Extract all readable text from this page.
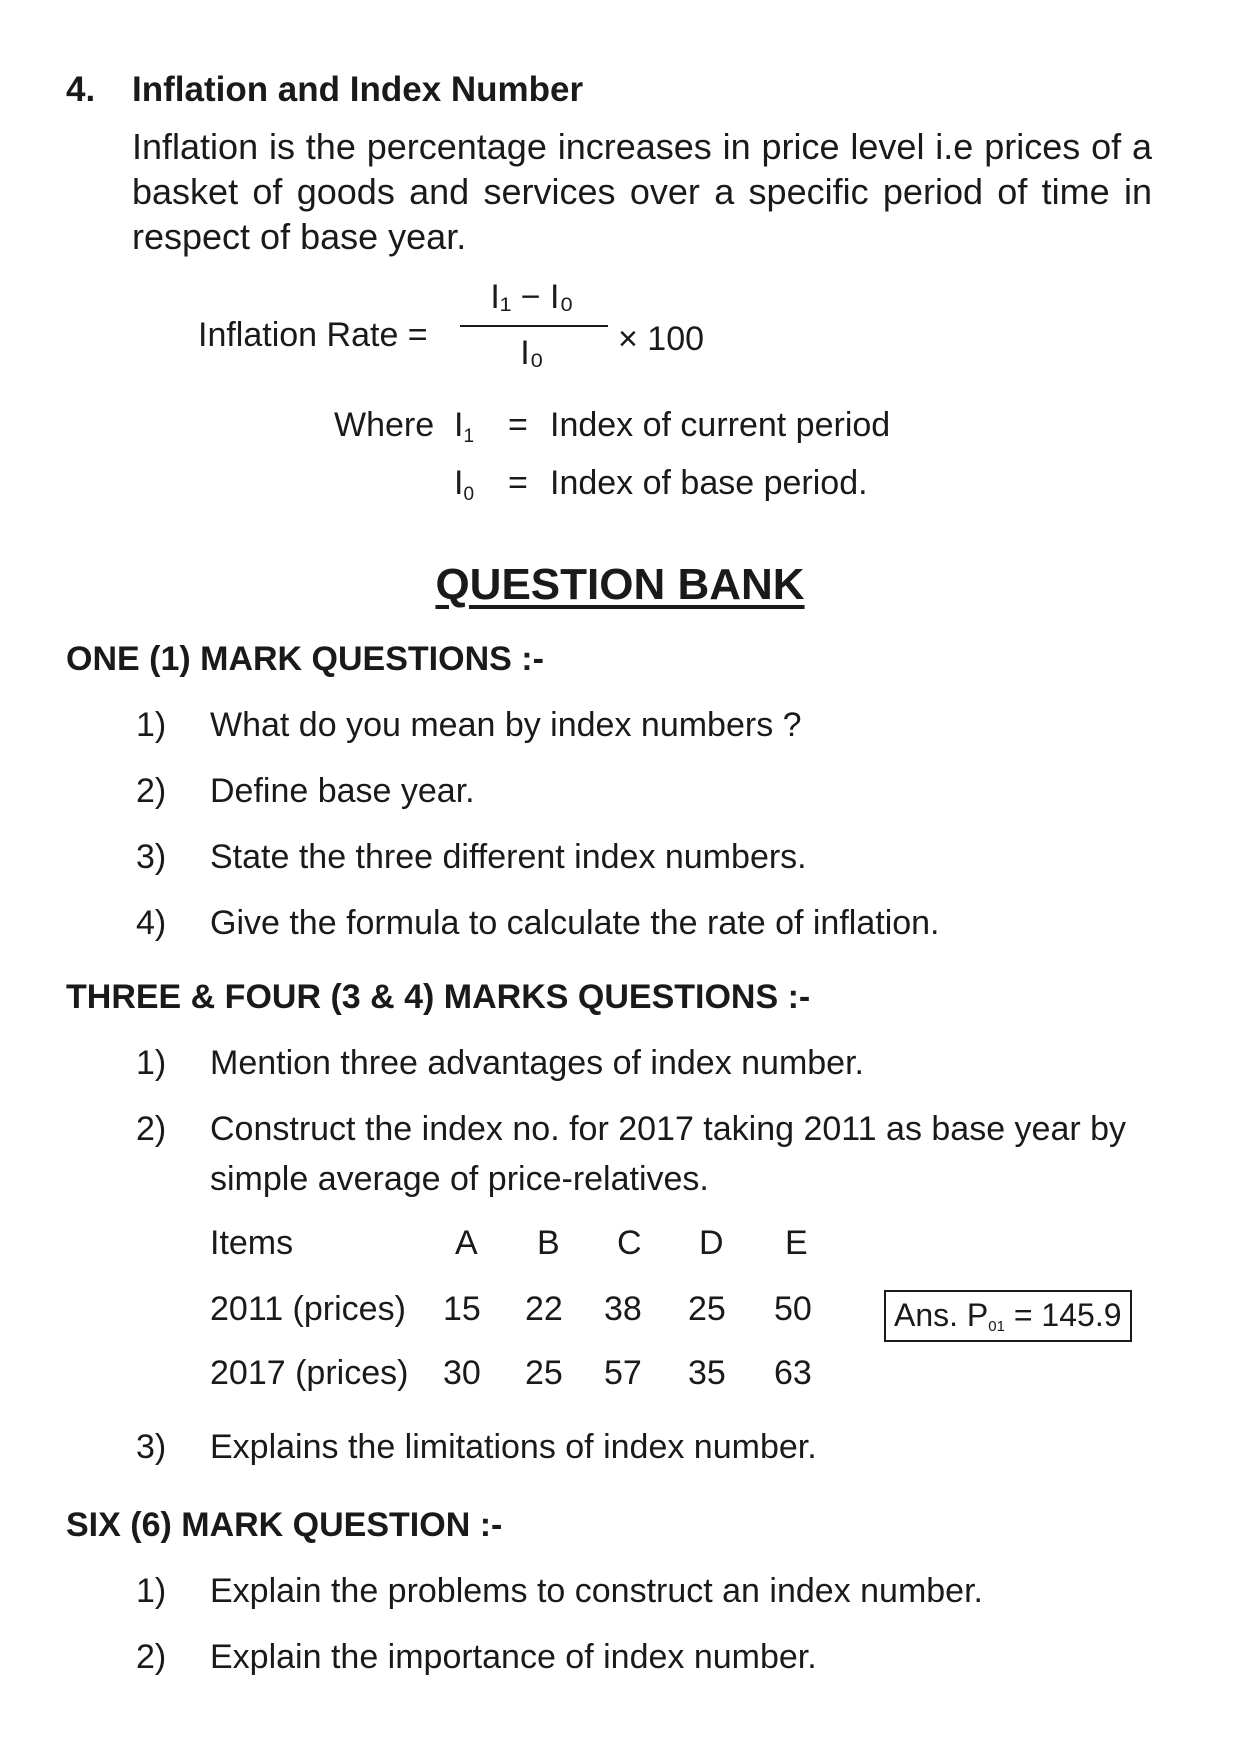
4. Inflation and Index Number
Inflation is the percentage increases in price level i.e prices of a basket of goods and services over a specific period of time in respect of base year.
Inflation Rate =
I₁ − I₀
I₀	× 100
Where $I_1$ = Index of current period
$I_0$ = Index of base period.
QUESTION BANK
ONE (1) MARK QUESTIONS :-
1) What do you mean by index numbers ?
2) Define base year.
3) State the three different index numbers.
4) Give the formula to calculate the rate of inflation.
THREE & FOUR (3 & 4) MARKS QUESTIONS :-
1) Mention three advantages of index number.
2) Construct the index no. for 2017 taking 2011 as base year by
simple average of price-relatives.
Items	A B C D E
2011 (prices) 15 22 38 25 50
2017 (prices) 30 25 57 35 63
Ans. $P_{01} = 145.9$
3) Explains the limitations of index number.
SIX (6) MARK QUESTION :-
1) Explain the problems to construct an index number.
2) Explain the importance of index number.
